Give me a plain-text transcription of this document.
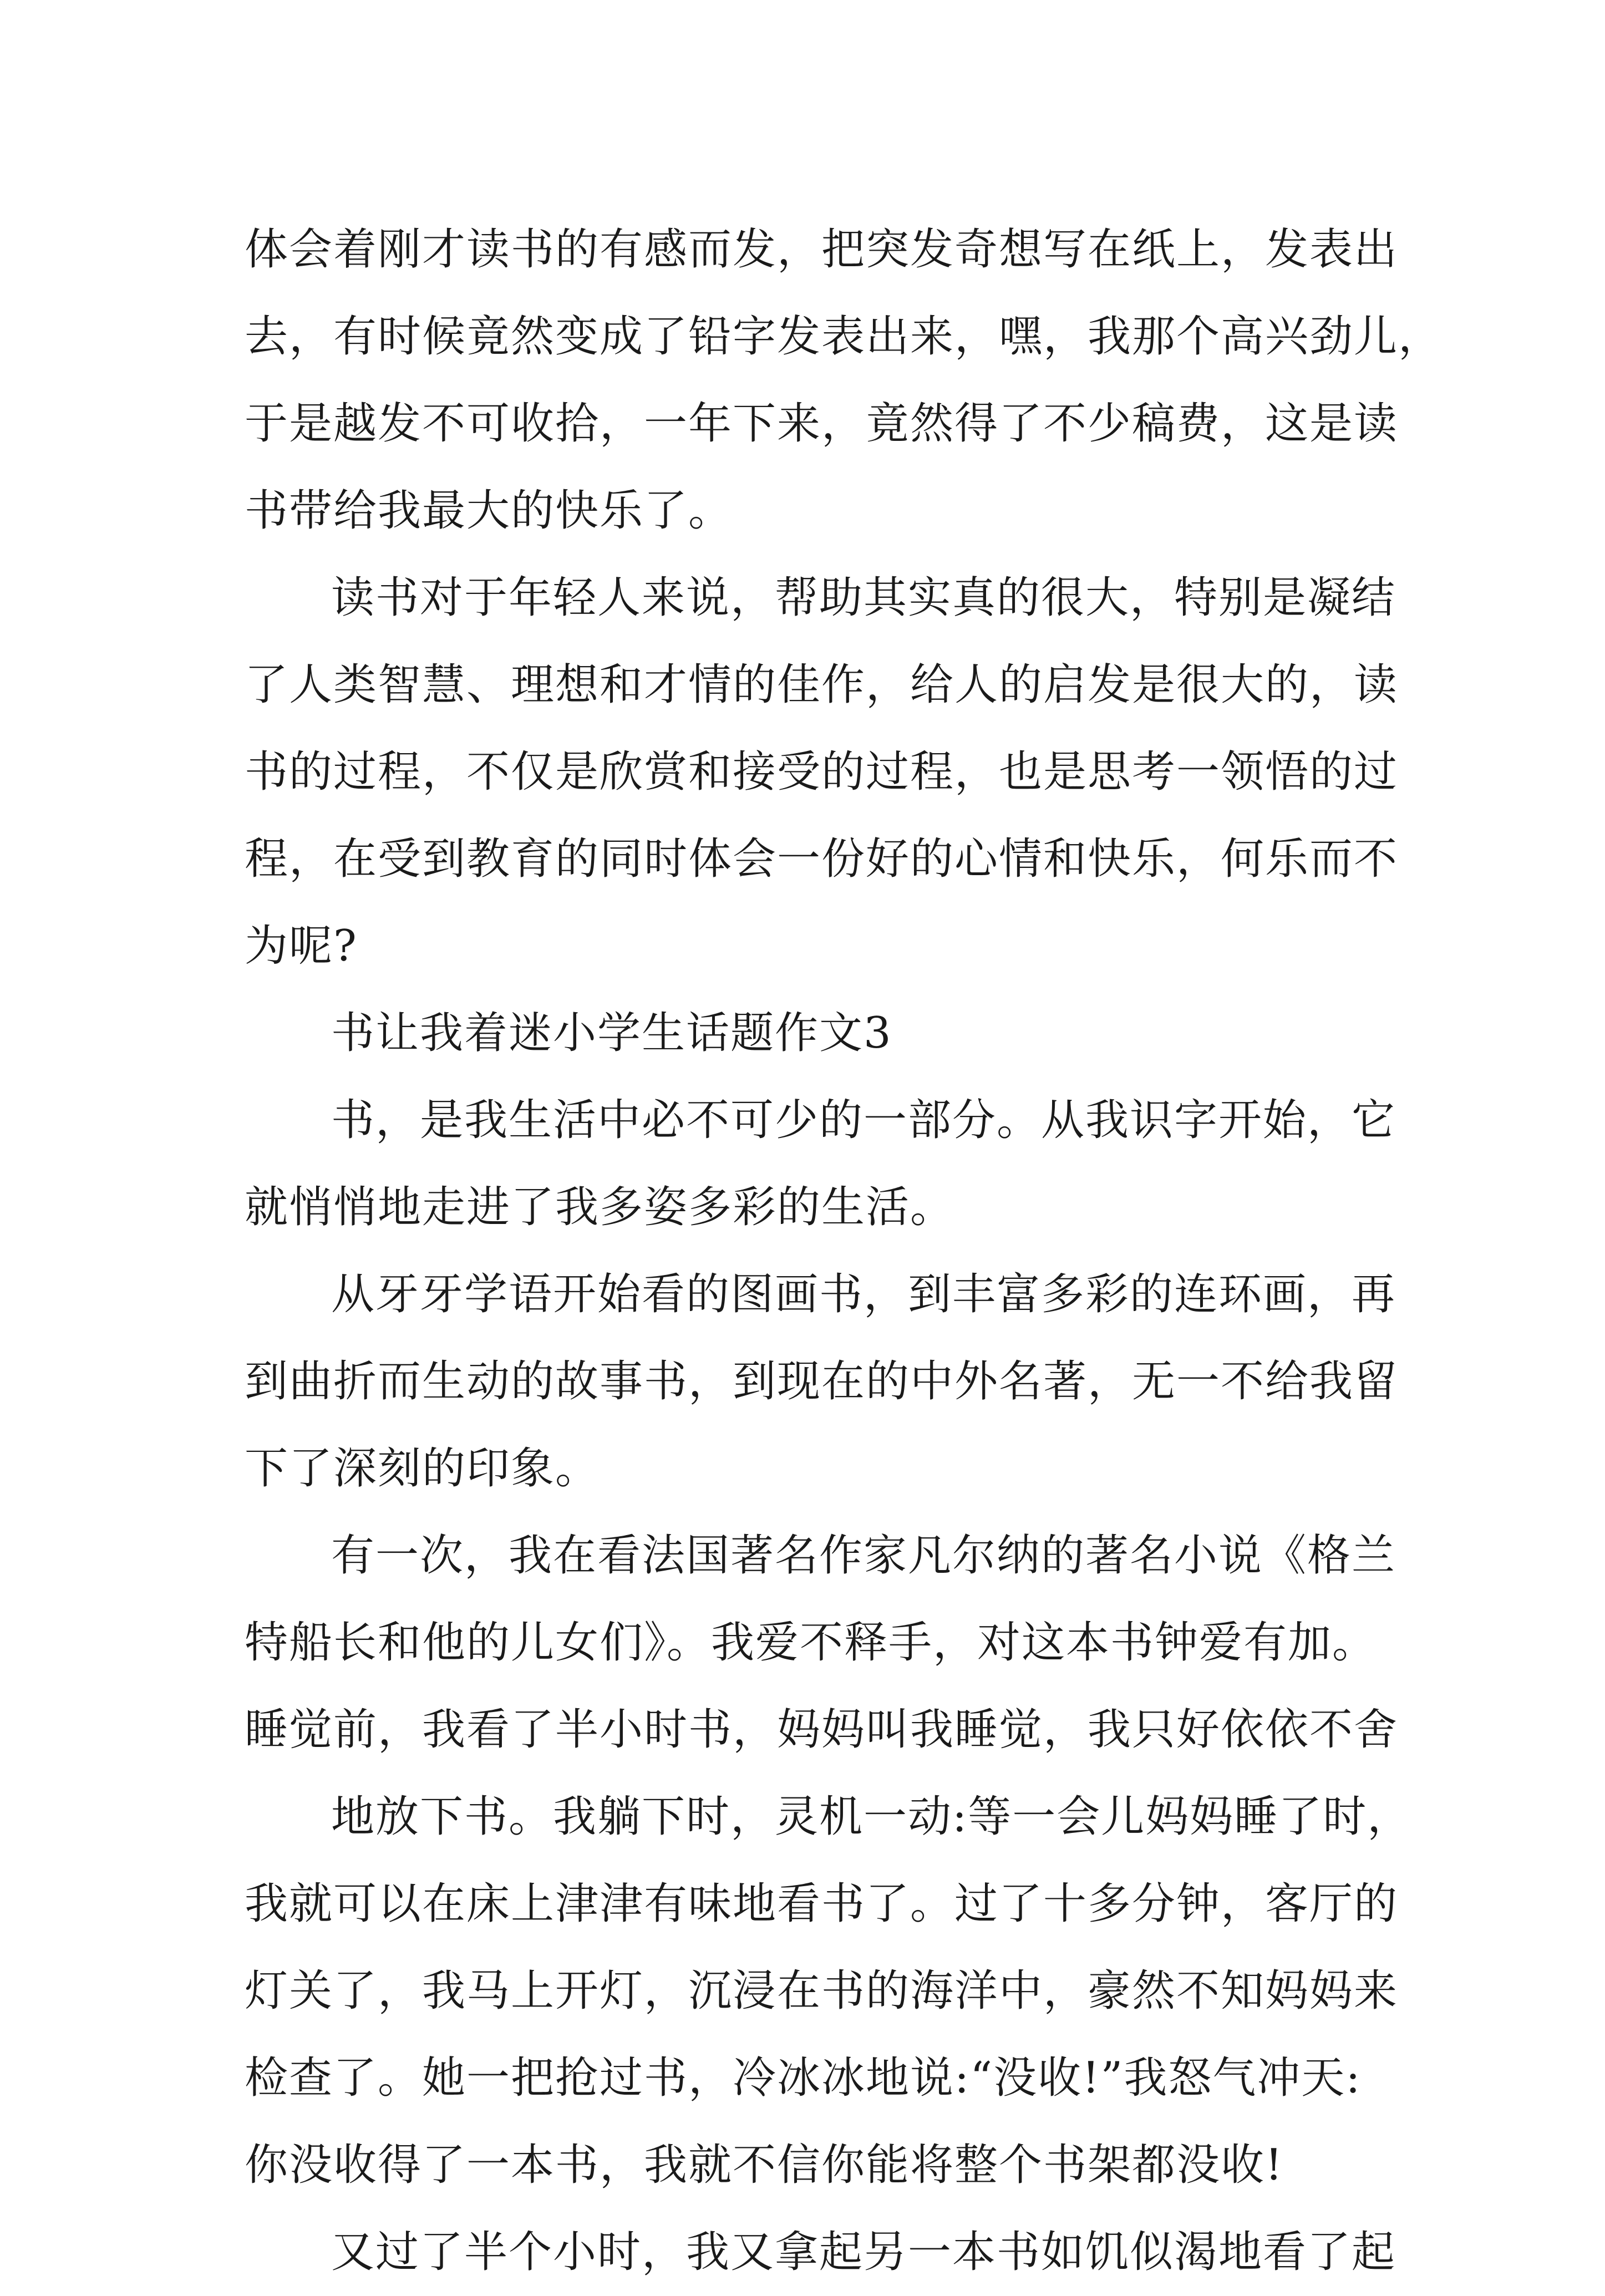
体会着刚才读书的有感而发，把突发奇想写在纸上，发表出
去，有时候竟然变成了铅字发表出来，嘿，我那个高兴劲儿，
于是越发不可收拾，一年下来，竟然得了不少稿费，这是读
书带给我最大的快乐了。
读书对于年轻人来说，帮助其实真的很大，特别是凝结
了人类智慧、理想和才情的佳作，给人的启发是很大的，读
书的过程，不仅是欣赏和接受的过程，也是思考一领悟的过
程，在受到教育的同时体会一份好的心情和快乐，何乐而不
为呢?
书让我着迷小学生话题作文3
书，是我生活中必不可少的一部分。从我识字开始，它
就悄悄地走进了我多姿多彩的生活。
从牙牙学语开始看的图画书，到丰富多彩的连环画，再
到曲折而生动的故事书，到现在的中外名著，无一不给我留
下了深刻的印象。
有一次，我在看法国著名作家凡尔纳的著名小说《格兰
特船长和他的儿女们》。我爱不释手，对这本书钟爱有加。
睡觉前，我看了半小时书，妈妈叫我睡觉，我只好依依不舍
地放下书。我躺下时，灵机一动:等一会儿妈妈睡了时，
我就可以在床上津津有味地看书了。过了十多分钟，客厅的
灯关了，我马上开灯，沉浸在书的海洋中，豪然不知妈妈来
检查了。她一把抢过书，冷冰冰地说:“没收!”我怒气冲天:
你没收得了一本书，我就不信你能将整个书架都没收!
又过了半个小时，我又拿起另一本书如饥似渴地看了起
